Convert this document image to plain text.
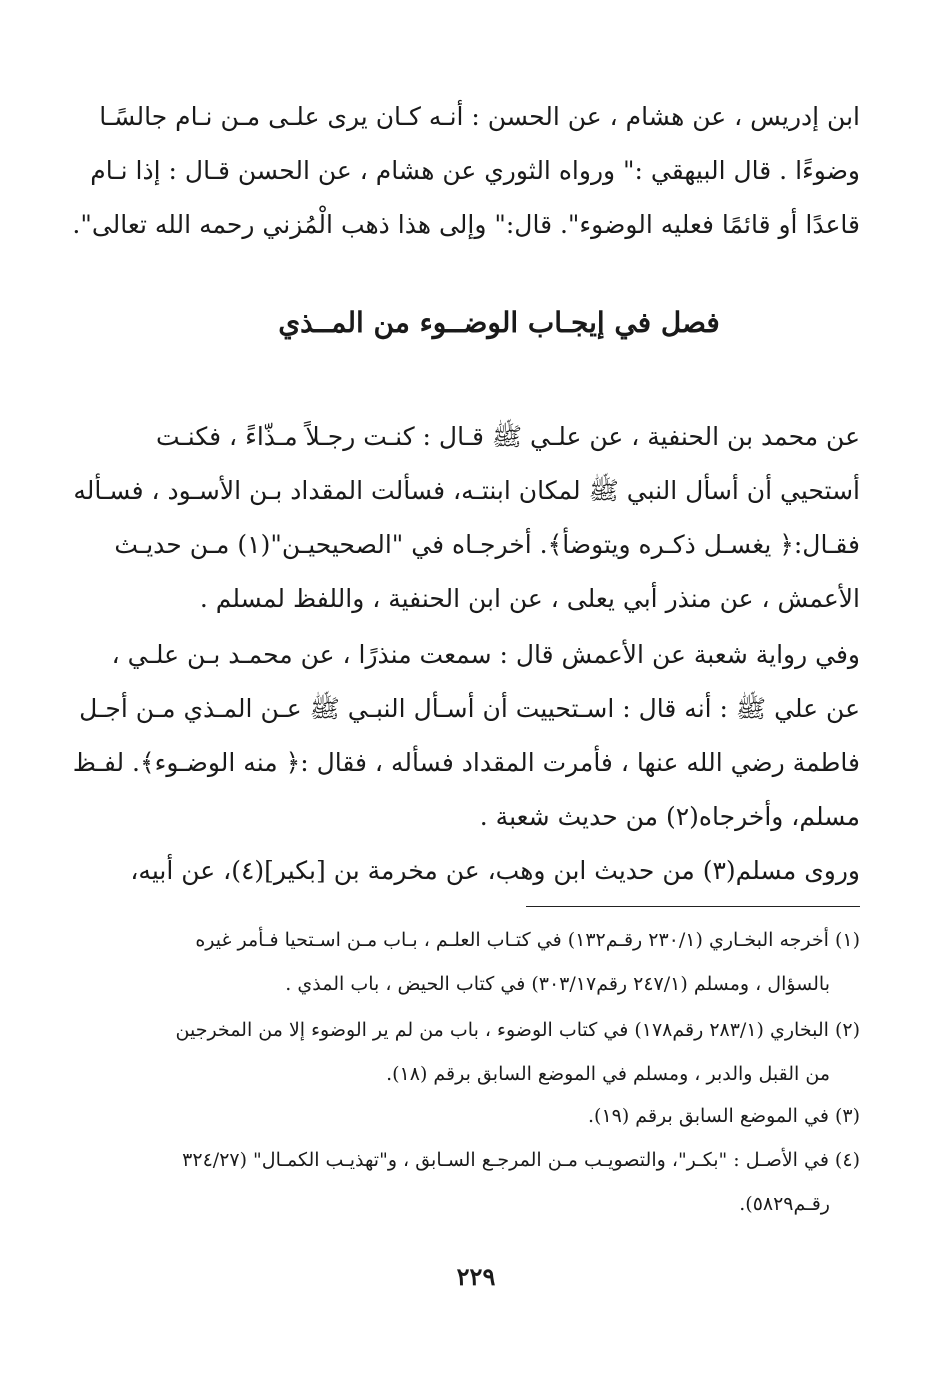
ابن إدريس ، عن هشام ، عن الحسن : أنـه كـان يرى علـى مـن نـام جالسًـا
وضوءًا . قال البيهقي :" ورواه الثوري عن هشام ، عن الحسن قـال : إذا نـام
قاعدًا أو قائمًا فعليه الوضوء". قال:" وإلى هذا ذهب الْمُزني رحمه الله تعالى".
فصل في إيجـاب الوضــوء من المــذي
عن محمد بن الحنفية ، عن علـي ﷺ قـال : كنـت رجـلاً مـذّاءً ، فكنـت
أستحيي أن أسأل النبي ﷺ لمكان ابنتـه، فسألت المقداد بـن الأسـود ، فسـأله
فقـال:﴿ يغسـل ذكـره ويتوضأ﴾. أخرجـاه في "الصحيحيـن"(١) مـن حديـث
الأعمش ، عن منذر أبي يعلى ، عن ابن الحنفية ، واللفظ لمسلم .
وفي رواية شعبة عن الأعمش قال : سمعت منذرًا ، عن محمـد بـن علـي ،
عن علي ﷺ : أنه قال : اسـتحييت أن أسـأل النبـي ﷺ عـن المـذي مـن أجـل
فاطمة رضي الله عنها ، فأمرت المقداد فسأله ، فقال :﴿ منه الوضـوء﴾. لفـظ
مسلم، وأخرجاه(٢) من حديث شعبة .
وروى مسلم(٣) من حديث ابن وهب، عن مخرمة بن [بكير](٤)، عن أبيه،
(١) أخرجه البخـاري (٢٣٠/١ رقـم١٣٢) في كتـاب العلـم ، بـاب مـن اسـتحيا فـأمر غيره
بالسؤال ، ومسلم (٢٤٧/١ رقم٣٠٣/١٧) في كتاب الحيض ، باب المذي .
(٢) البخاري (٢٨٣/١ رقم١٧٨) في كتاب الوضوء ، باب من لم ير الوضوء إلا من المخرجين
من القبل والدبر ، ومسلم في الموضع السابق برقم (١٨).
(٣) في الموضع السابق برقم (١٩).
(٤) في الأصـل : "بكـر"، والتصويـب مـن المرجـع السـابق ، و"تهذيـب الكمـال" (٣٢٤/٢٧
رقـم٥٨٢٩).
٢٢٩
